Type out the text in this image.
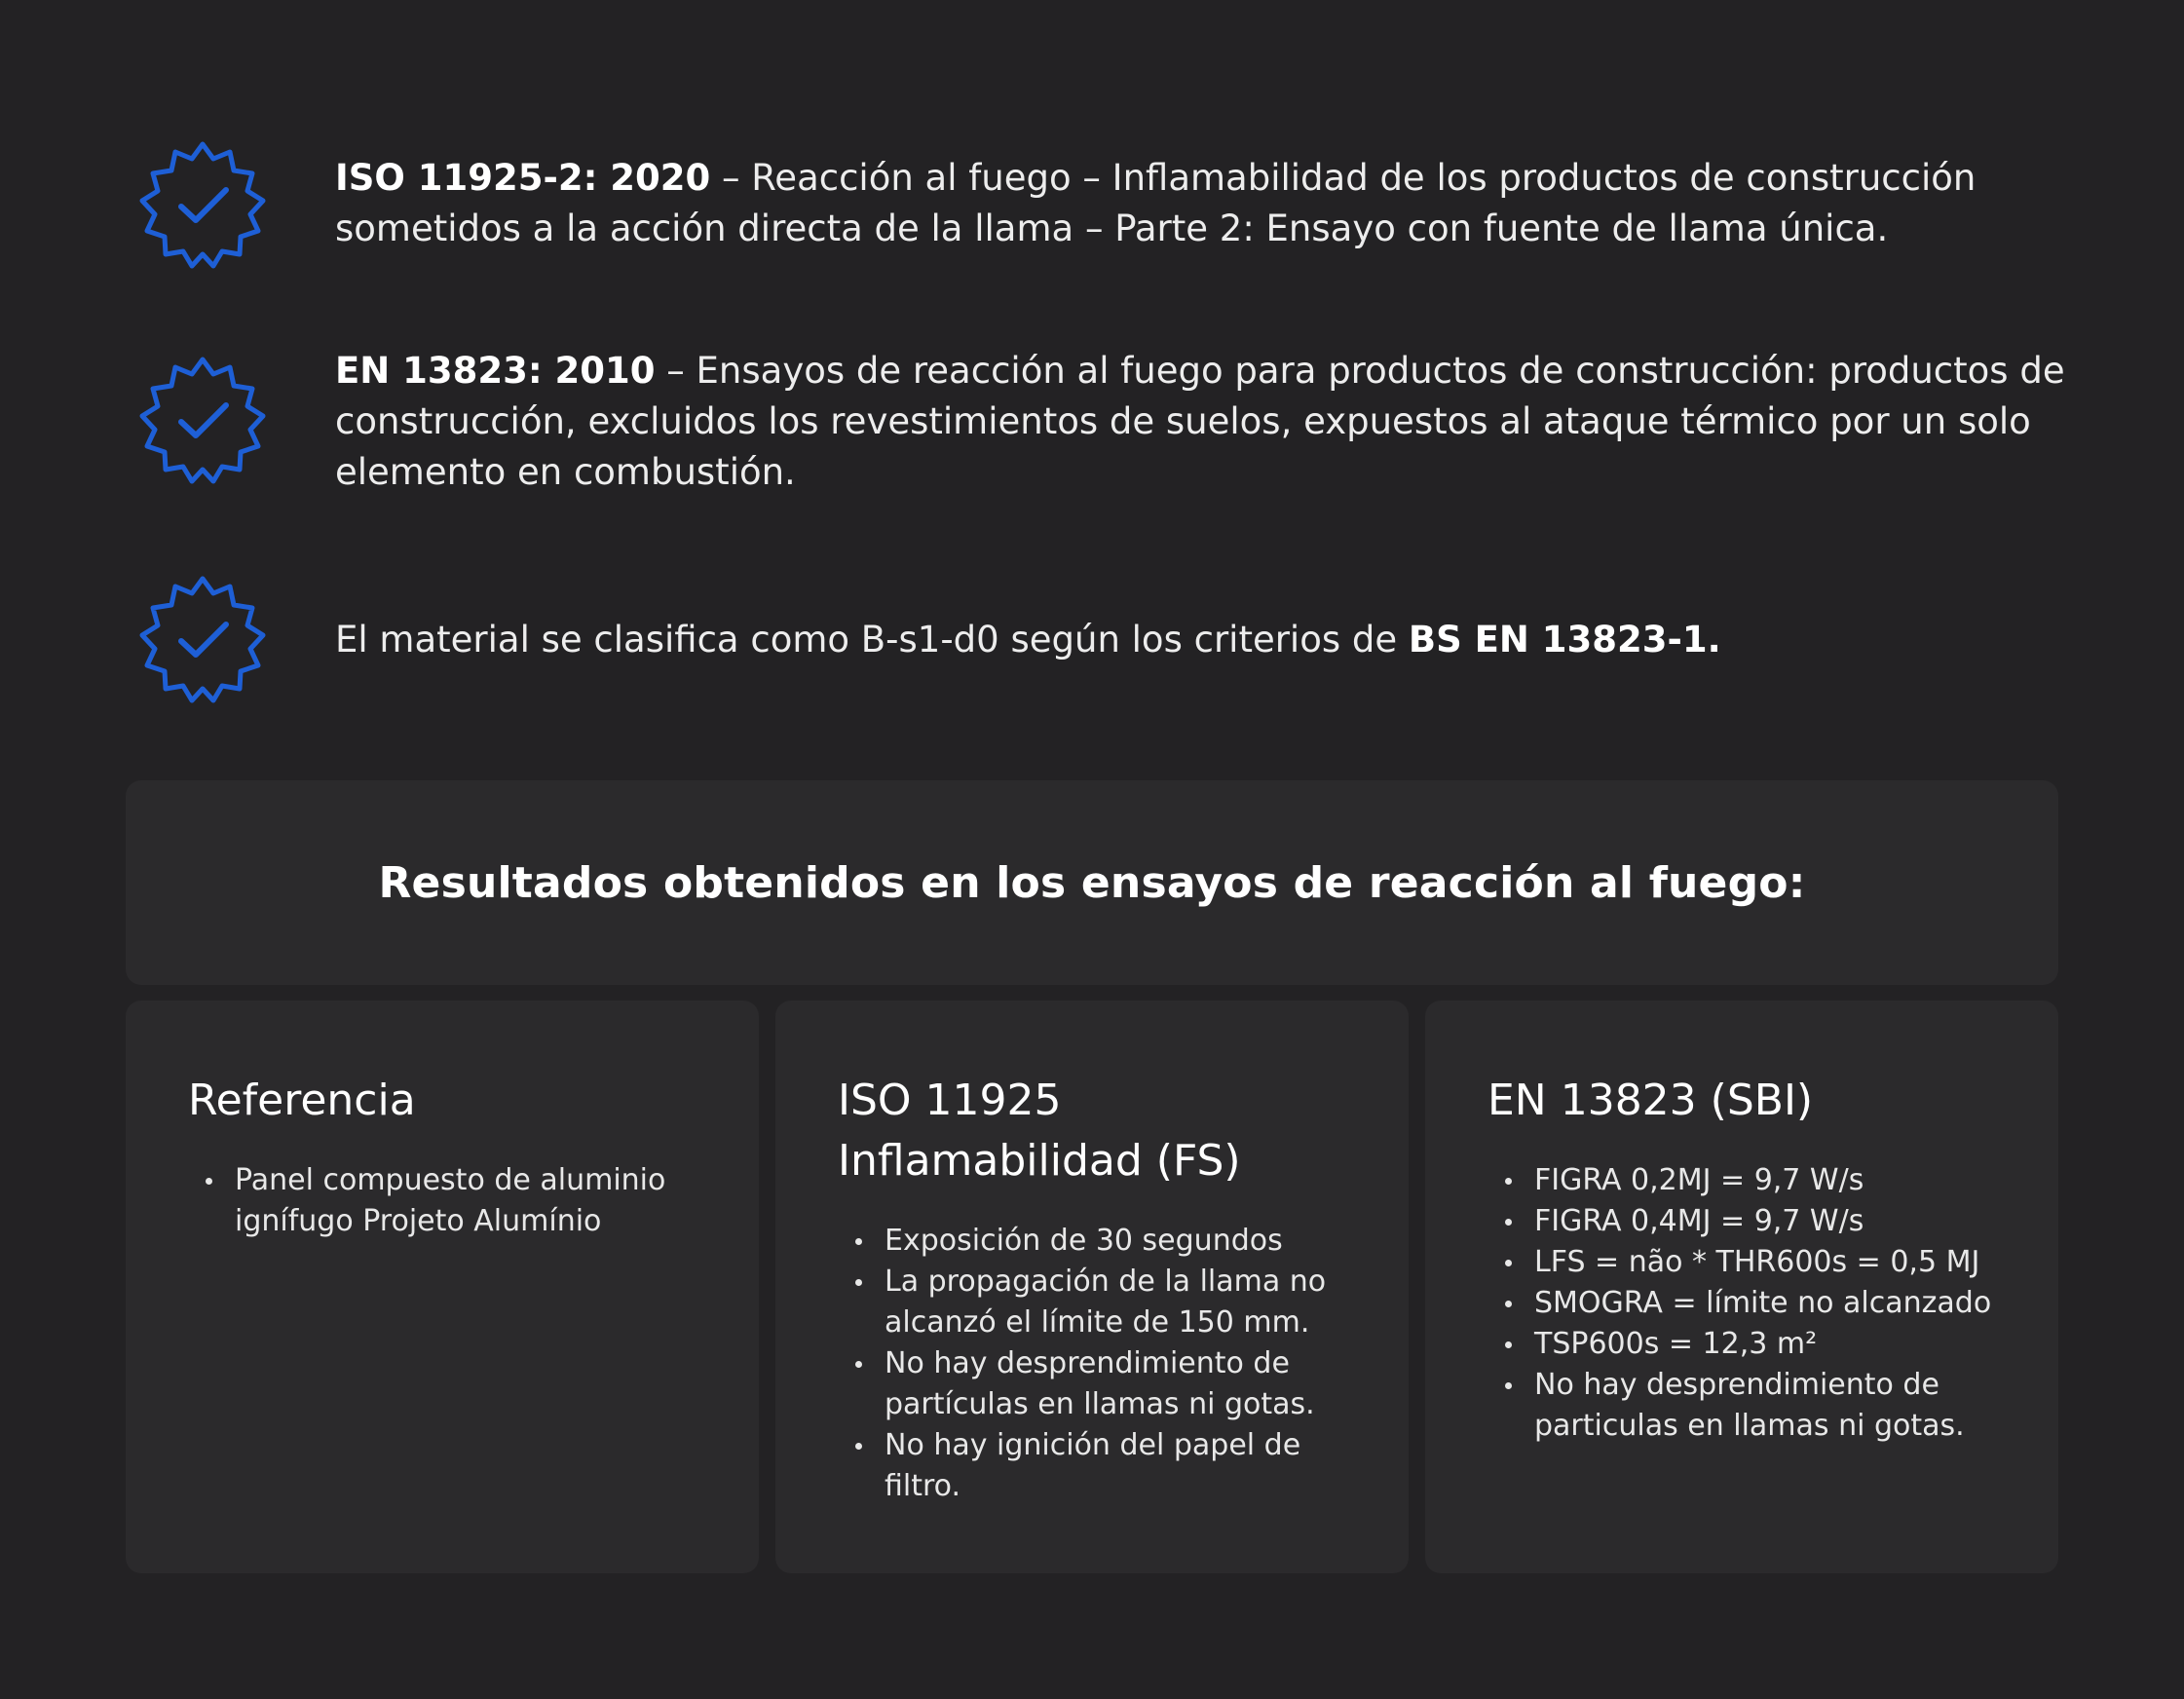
ISO 11925-2: 2020 – Reacción al fuego – Inflamabilidad de los productos de construcción
sometidos a la acción directa de la llama – Parte 2: Ensayo con fuente de llama única.

EN 13823: 2010 – Ensayos de reacción al fuego para productos de construcción: productos de
construcción, excluidos los revestimientos de suelos, expuestos al ataque térmico por un solo
elemento en combustión.

El material se clasifica como B-s1-d0 según los criterios de BS EN 13823-1.

Resultados obtenidos en los ensayos de reacción al fuego:
Referencia
Panel compuesto de aluminio ignífugo Projeto Alumínio
ISO 11925
Inflamabilidad (FS)
Exposición de 30 segundos
La propagación de la llama no alcanzó el límite de 150 mm.
No hay desprendimiento de partículas en llamas ni gotas.
No hay ignición del papel de filtro.
EN 13823 (SBI)
FIGRA 0,2MJ = 9,7 W/s
FIGRA 0,4MJ = 9,7 W/s
LFS = não * THR600s = 0,5 MJ
SMOGRA = límite no alcanzado
TSP600s = 12,3 m²
No hay desprendimiento de particulas en llamas ni gotas.
